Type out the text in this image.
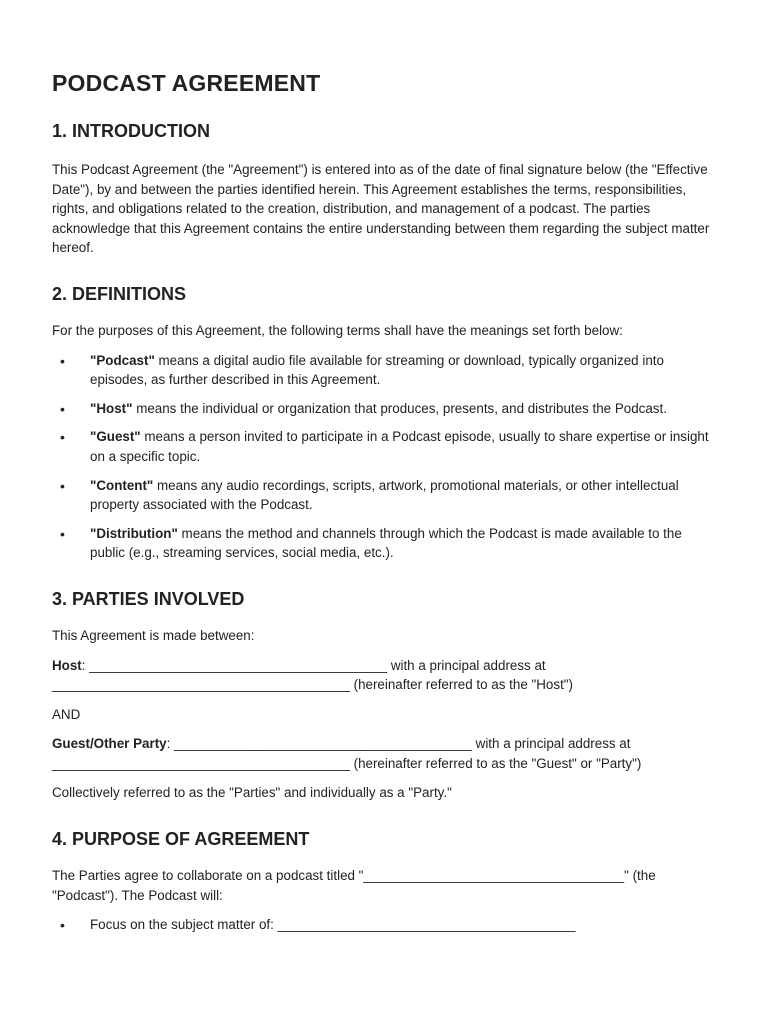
PODCAST AGREEMENT
1. INTRODUCTION

This Podcast Agreement (the "Agreement") is entered into as of the date of final signature below (the "Effective Date"), by and between the parties identified herein. This Agreement establishes the terms, responsibilities, rights, and obligations related to the creation, distribution, and management of a podcast. The parties acknowledge that this Agreement contains the entire understanding between them regarding the subject matter hereof.

2. DEFINITIONS

For the purposes of this Agreement, the following terms shall have the meanings set forth below:

• "Podcast" means a digital audio file available for streaming or download, typically organized into episodes, as further described in this Agreement.
• "Host" means the individual or organization that produces, presents, and distributes the Podcast.
• "Guest" means a person invited to participate in a Podcast episode, usually to share expertise or insight on a specific topic.
• "Content" means any audio recordings, scripts, artwork, promotional materials, or other intellectual property associated with the Podcast.
• "Distribution" means the method and channels through which the Podcast is made available to the public (e.g., streaming services, social media, etc.).
3. PARTIES INVOLVED

This Agreement is made between:

Host: ________________________________________ with a principal address at ________________________________________ (hereinafter referred to as the "Host")

AND

Guest/Other Party: ________________________________________ with a principal address at ________________________________________ (hereinafter referred to as the "Guest" or "Party")

Collectively referred to as the "Parties" and individually as a "Party."

4. PURPOSE OF AGREEMENT

The Parties agree to collaborate on a podcast titled "___________________________________" (the "Podcast"). The Podcast will:

• Focus on the subject matter of: ________________________________________
